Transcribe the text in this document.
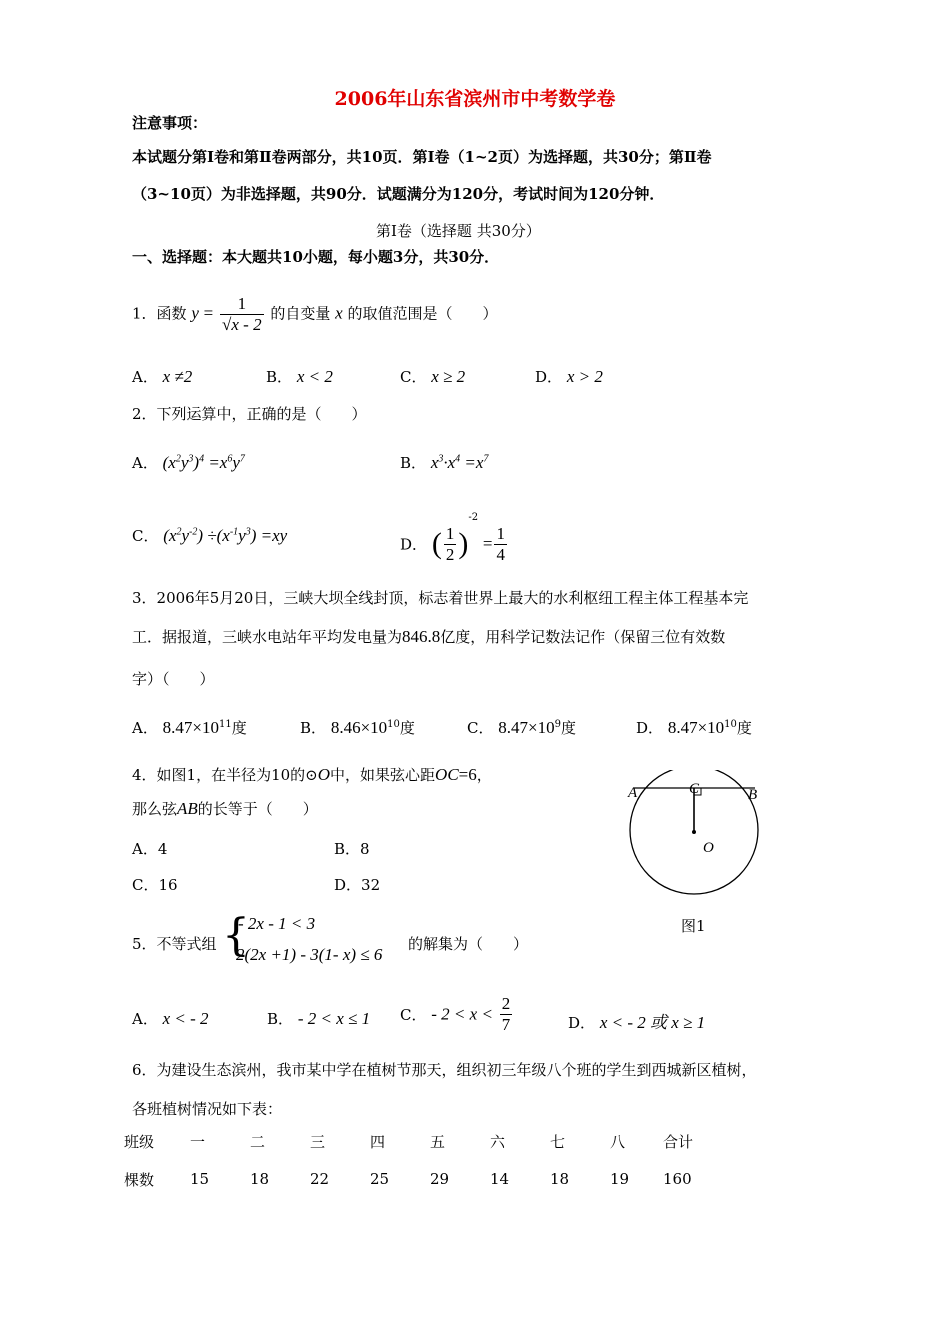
2006年山东省滨州市中考数学卷
注意事项：
本试题分第Ⅰ卷和第Ⅱ卷两部分，共10页．第Ⅰ卷（1~2页）为选择题，共30分；第Ⅱ卷
（3~10页）为非选择题，共90分．试题满分为120分，考试时间为120分钟．
第Ⅰ卷（选择题 共30分）
一、选择题：本大题共10小题，每小题3分，共30分．
1．函数 $y = \frac{1}{√x - 2}$ 的自变量 x 的取值范围是（　　）
A． x ≠2	B． x < 2	C． x ≥ 2	D． x > 2
2．下列运算中，正确的是（　　）
A． $(x^2y^3)^4 =x^6y^7$	B． $x^3\cdot x^4 =x^7$
C． $(x^2y^{-2}) \div(x^{-1}y^3) =xy$	D． ( $\frac{1}{2} )^{-2} = \frac{1}{4}$
3．2006年5月20日，三峡大坝全线封顶，标志着世界上最大的水利枢纽工程主体工程基本完
工．据报道，三峡水电站年平均发电量为846.8亿度，用科学记数法记作（保留三位有效数
字）（　　）
A． $8.47\times 10^{11}$度	B． $8.46\times 10^{10}$度	C． $8.47\times 10^9$度	D． $8.47\times 10^{10}$度
4．如图1，在半径为10的⊙O中，如果弦心距OC=6，
那么弦AB的长等于（　　）
A．4	B．8
C．16	D．32
A	B
C
O
图1
5．不等式组 {
- 2x - 1 < 3
2(2x +1) - 3(1- x) ≤ 6
的解集为（　　）
A． x < - 2	B． - 2 < x ≤ 1 C． - $2 < x < \frac{2}{7}$	D． x < - 2 或 x ≥ 1
6．为建设生态滨州，我市某中学在植树节那天，组织初三年级八个班的学生到西城新区植树，
各班植树情况如下表：
班级	一	二	三	四	五	六	七	八	合计
棵数	15	18	22	25	29	14	18	19	160
